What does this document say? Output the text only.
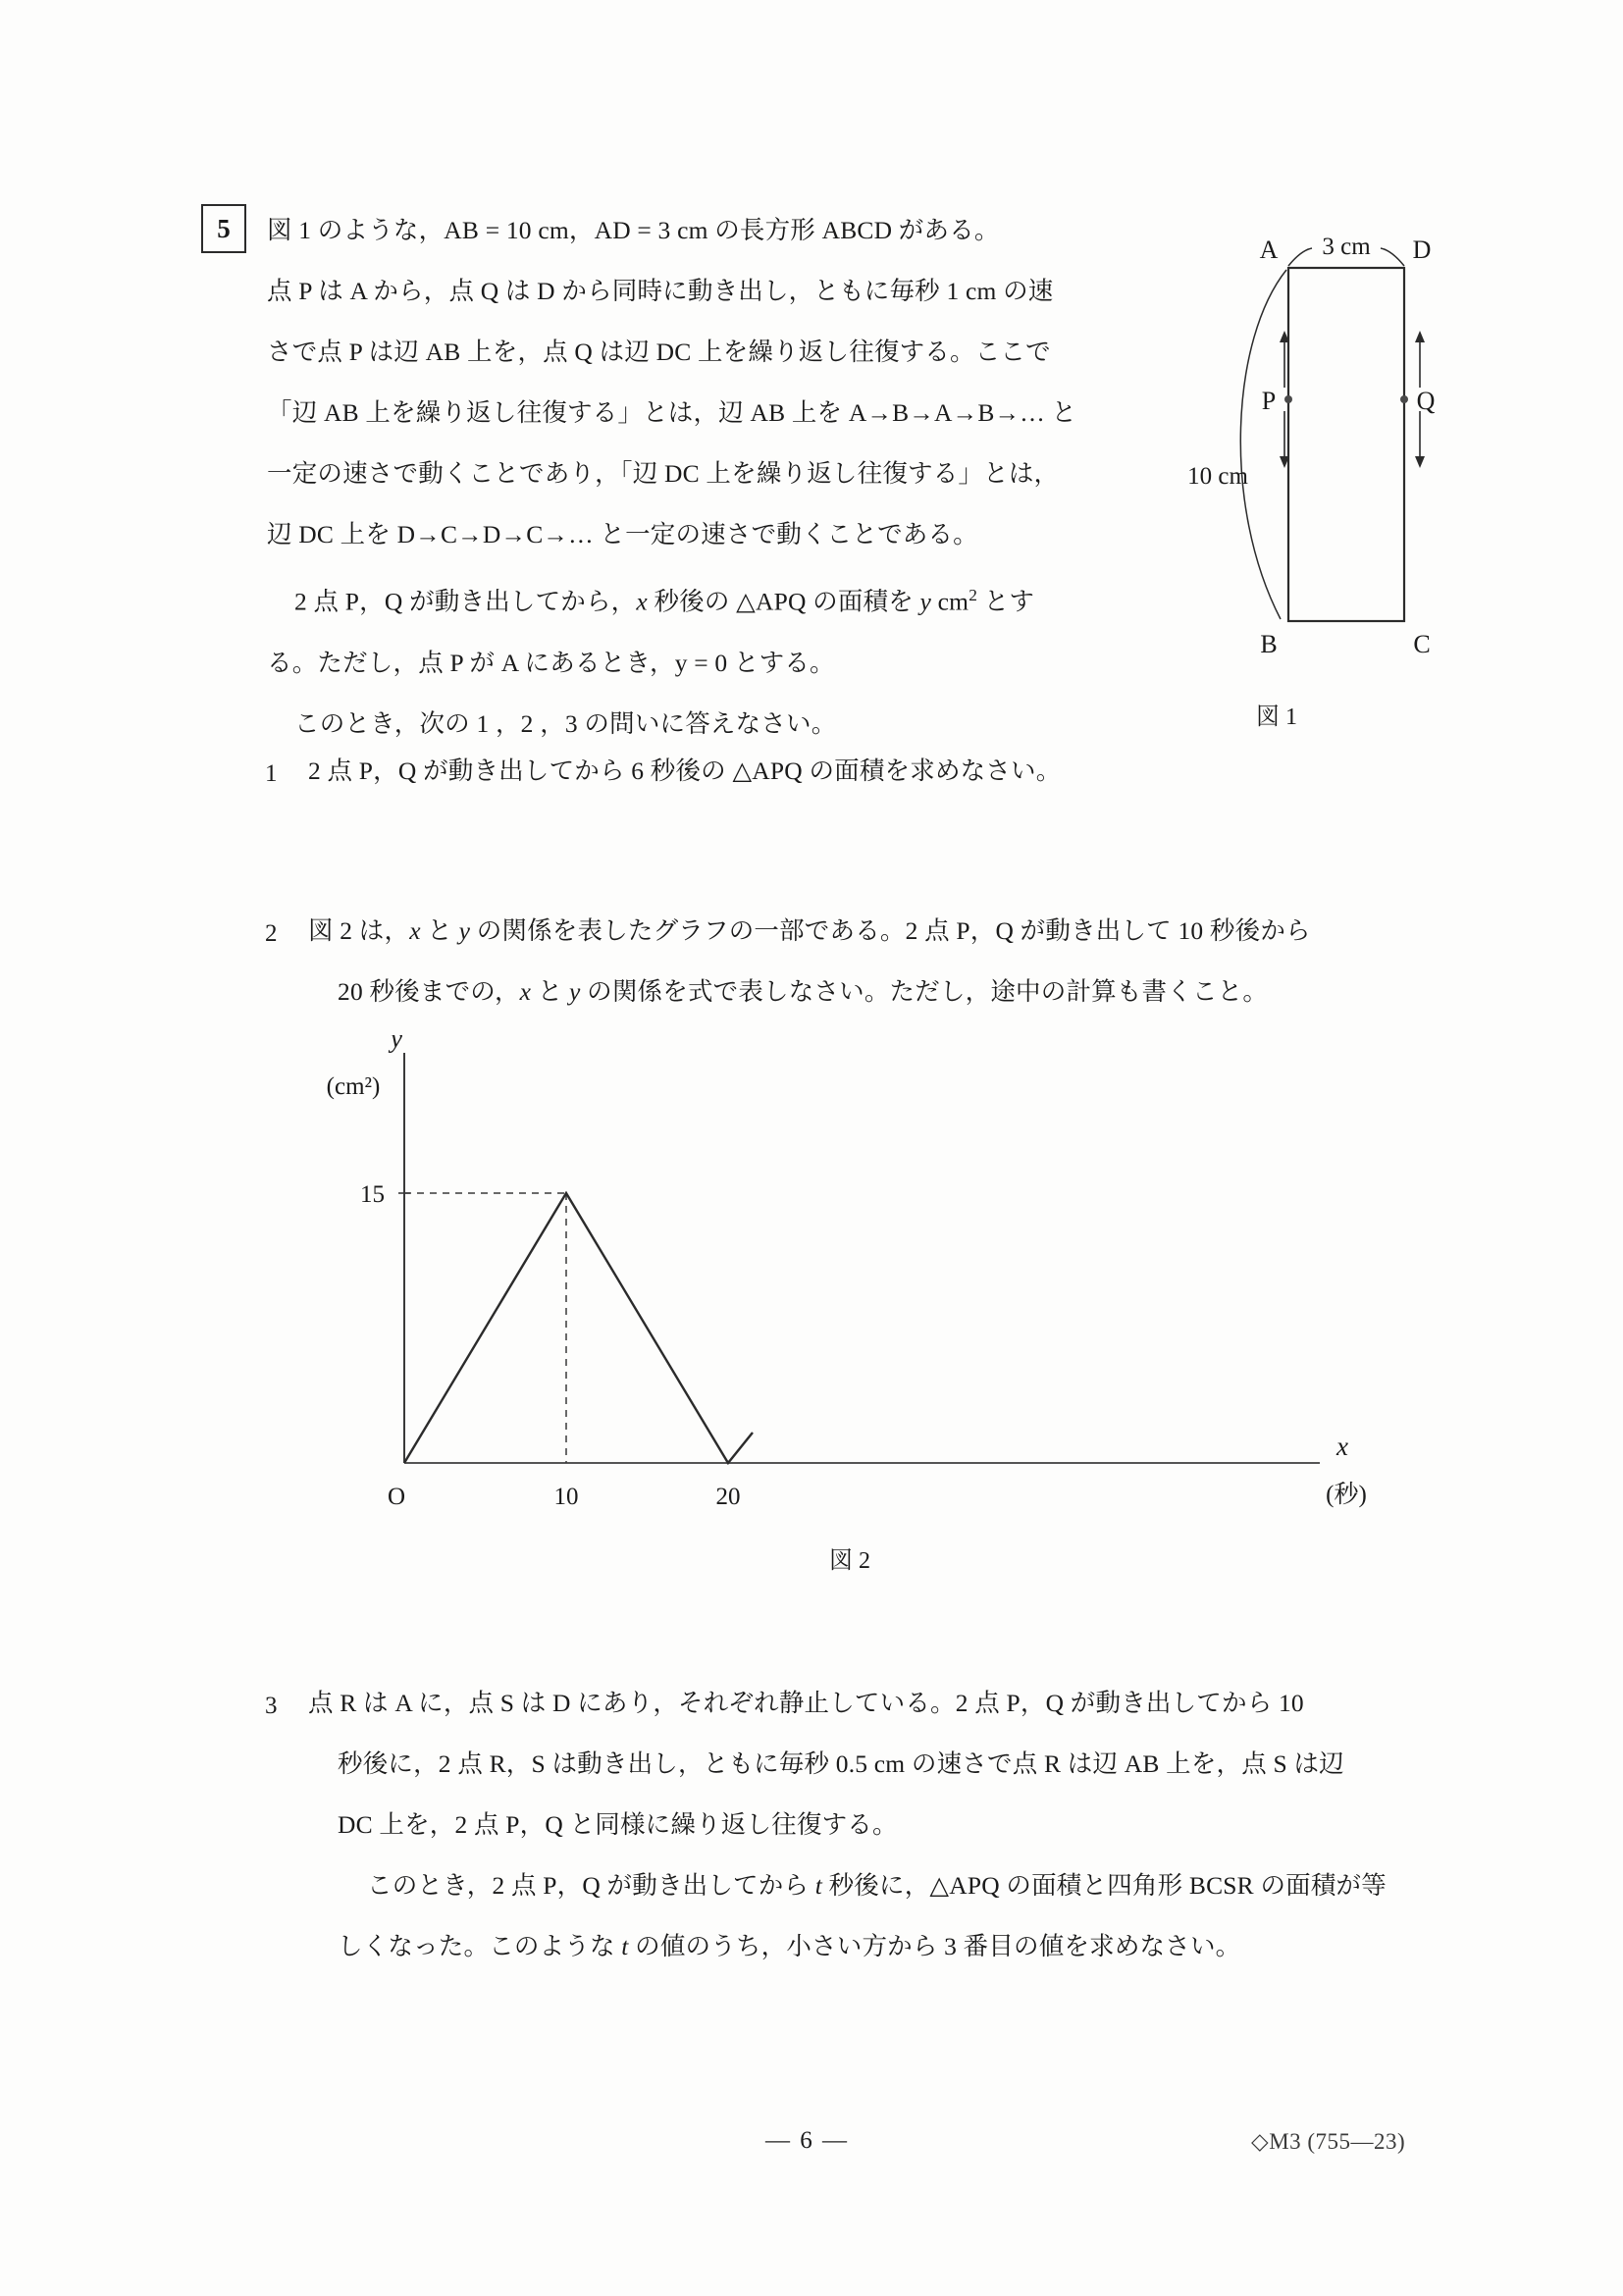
5 図 1 のような，AB = 10 cm，AD = 3 cm の長方形 ABCD がある。
点 P は A から，点 Q は D から同時に動き出し，ともに毎秒 1 cm の速
さで点 P は辺 AB 上を，点 Q は辺 DC 上を繰り返し往復する。ここで
「辺 AB 上を繰り返し往復する」とは，辺 AB 上を A→B→A→B→… と
一定の速さで動くことであり，「辺 DC 上を繰り返し往復する」とは，
辺 DC 上を D→C→D→C→… と一定の速さで動くことである。
2 点 P，Q が動き出してから，x 秒後の △APQ の面積を y $cm^2$ とす
る。ただし，点 P が A にあるとき，y = 0 とする。
このとき，次の 1 ，2 ，3 の問いに答えなさい。
A
B	C
D
3 cm
10 cm
P	Q
図 1
1 2 点 P，Q が動き出してから 6 秒後の △APQ の面積を求めなさい。
2 図 2 は，x と y の関係を表したグラフの一部である。2 点 P，Q が動き出して 10 秒後から
20 秒後までの，x と y の関係を式で表しなさい。ただし，途中の計算も書くこと。
y
x
(cm²)
(秒)
O	10	20
15
図 2
3 点 R は A に，点 S は D にあり，それぞれ静止している。2 点 P，Q が動き出してから 10
秒後に，2 点 R，S は動き出し，ともに毎秒 0.5 cm の速さで点 R は辺 AB 上を，点 S は辺
DC 上を，2 点 P，Q と同様に繰り返し往復する。
このとき，2 点 P，Q が動き出してから t 秒後に，△APQ の面積と四角形 BCSR の面積が等
しくなった。このような t の値のうち，小さい方から 3 番目の値を求めなさい。
— 6 —	◇M3 (755—23)
